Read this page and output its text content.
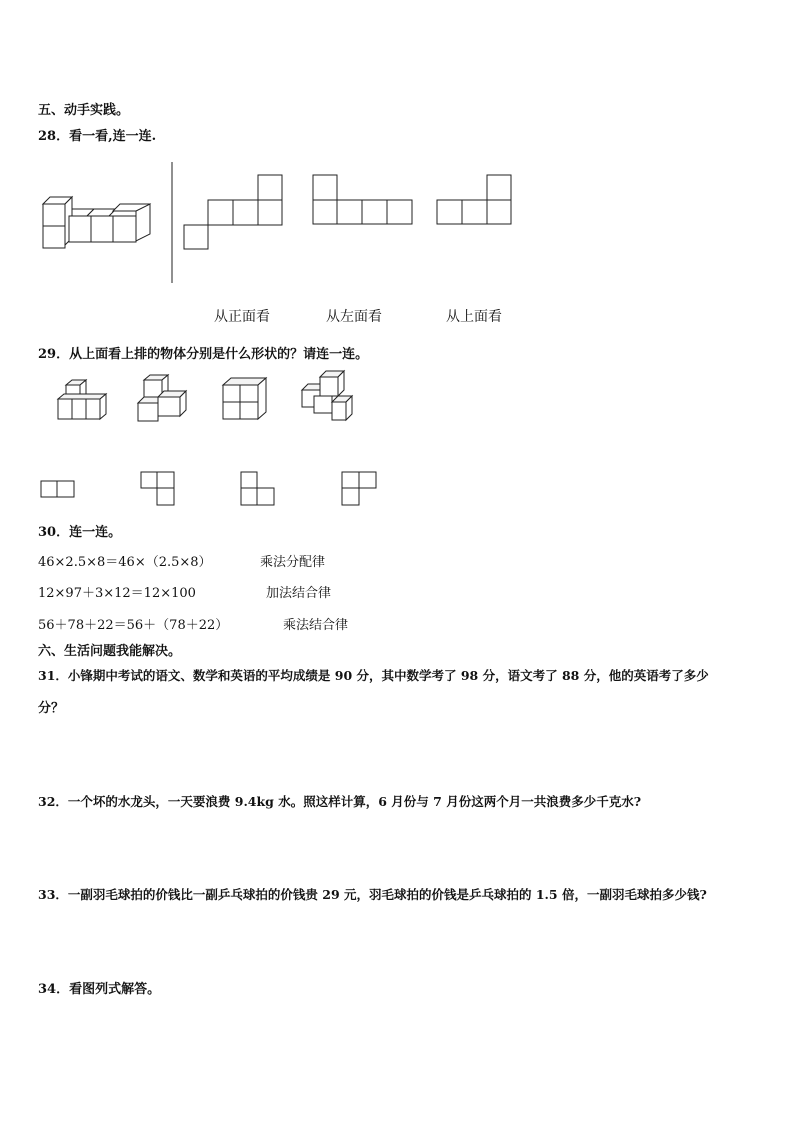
五、动手实践。
28．看一看,连一连.
从正面看	从左面看	从上面看
29．从上面看上排的物体分别是什么形状的？请连一连。
30．连一连。
46×2.5×8＝46×（2.5×8）
12×97＋3×12＝12×100
56＋78＋22＝56＋（78＋22）
乘法分配律
加法结合律
乘法结合律
六、生活问题我能解决。
31．小锋期中考试的语文、数学和英语的平均成绩是 90 分，其中数学考了 98 分，语文考了 88 分，他的英语考了多少
分？
32．一个坏的水龙头，一天要浪费 9.4kg 水。照这样计算，6 月份与 7 月份这两个月一共浪费多少千克水?
33．一副羽毛球拍的价钱比一副乒乓球拍的价钱贵 29 元，羽毛球拍的价钱是乒乓球拍的 1.5 倍，一副羽毛球拍多少钱?
34．看图列式解答。
